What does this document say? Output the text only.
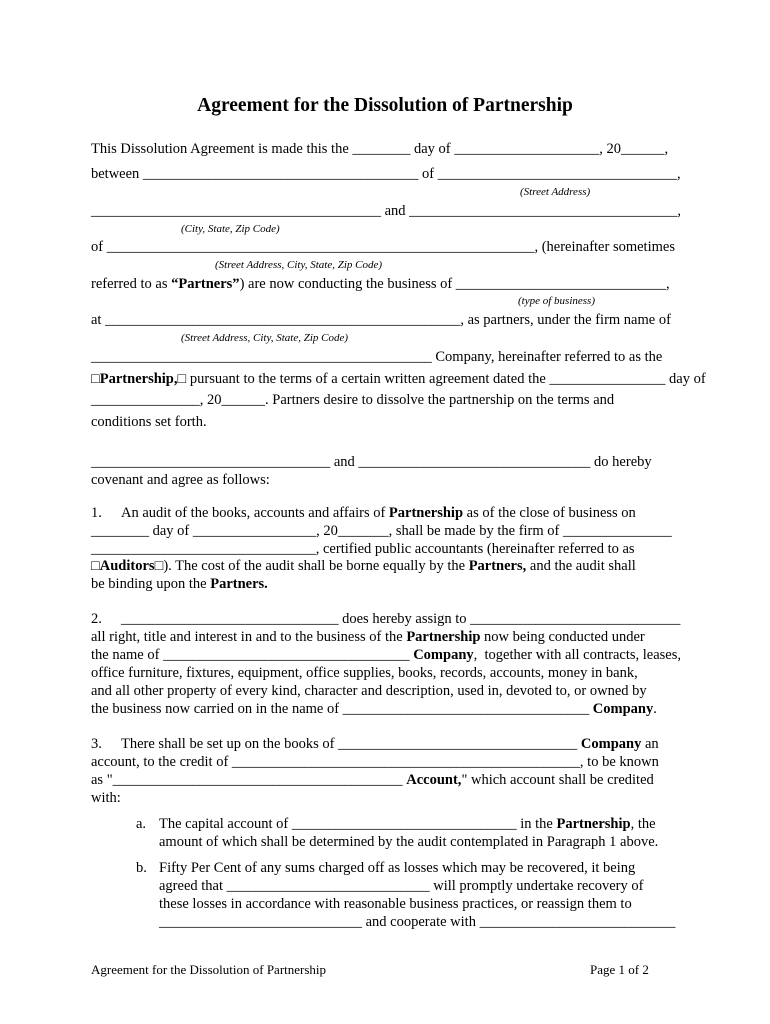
Agreement for the Dissolution of Partnership
This Dissolution Agreement is made this the ________ day of ____________________, 20______,
between ______________________________________ of _________________________________,
(Street Address)
________________________________________ and _____________________________________,
(City, State, Zip Code)
of ___________________________________________________________, (hereinafter sometimes
(Street Address, City, State, Zip Code)
referred to as “Partners”) are now conducting the business of _____________________________,
(type of business)
at _________________________________________________, as partners, under the firm name of
(Street Address, City, State, Zip Code)
_______________________________________________ Company, hereinafter referred to as the
□Partnership,□ pursuant to the terms of a certain written agreement dated the ________________ day of
_______________, 20______. Partners desire to dissolve the partnership on the terms and
conditions set forth.
_________________________________ and ________________________________ do hereby
covenant and agree as follows:
1. An audit of the books, accounts and affairs of Partnership as of the close of business on
________ day of _________________, 20_______, shall be made by the firm of _______________
_______________________________, certified public accountants (hereinafter referred to as
□Auditors□). The cost of the audit shall be borne equally by the Partners, and the audit shall
be binding upon the Partners.
2. ______________________________ does hereby assign to _____________________________
all right, title and interest in and to the business of the Partnership now being conducted under
the name of __________________________________ Company,  together with all contracts, leases,
office furniture, fixtures, equipment, office supplies, books, records, accounts, money in bank,
and all other property of every kind, character and description, used in, devoted to, or owned by
the business now carried on in the name of __________________________________ Company.
3. There shall be set up on the books of _________________________________ Company an
account, to the credit of ________________________________________________, to be known
as "________________________________________ Account," which account shall be credited
with:
a. The capital account of _______________________________ in the Partnership, the
amount of which shall be determined by the audit contemplated in Paragraph 1 above.
b. Fifty Per Cent of any sums charged off as losses which may be recovered, it being
agreed that ____________________________ will promptly undertake recovery of
these losses in accordance with reasonable business practices, or reassign them to
____________________________ and cooperate with ___________________________
Agreement for the Dissolution of Partnership	Page 1 of 2
